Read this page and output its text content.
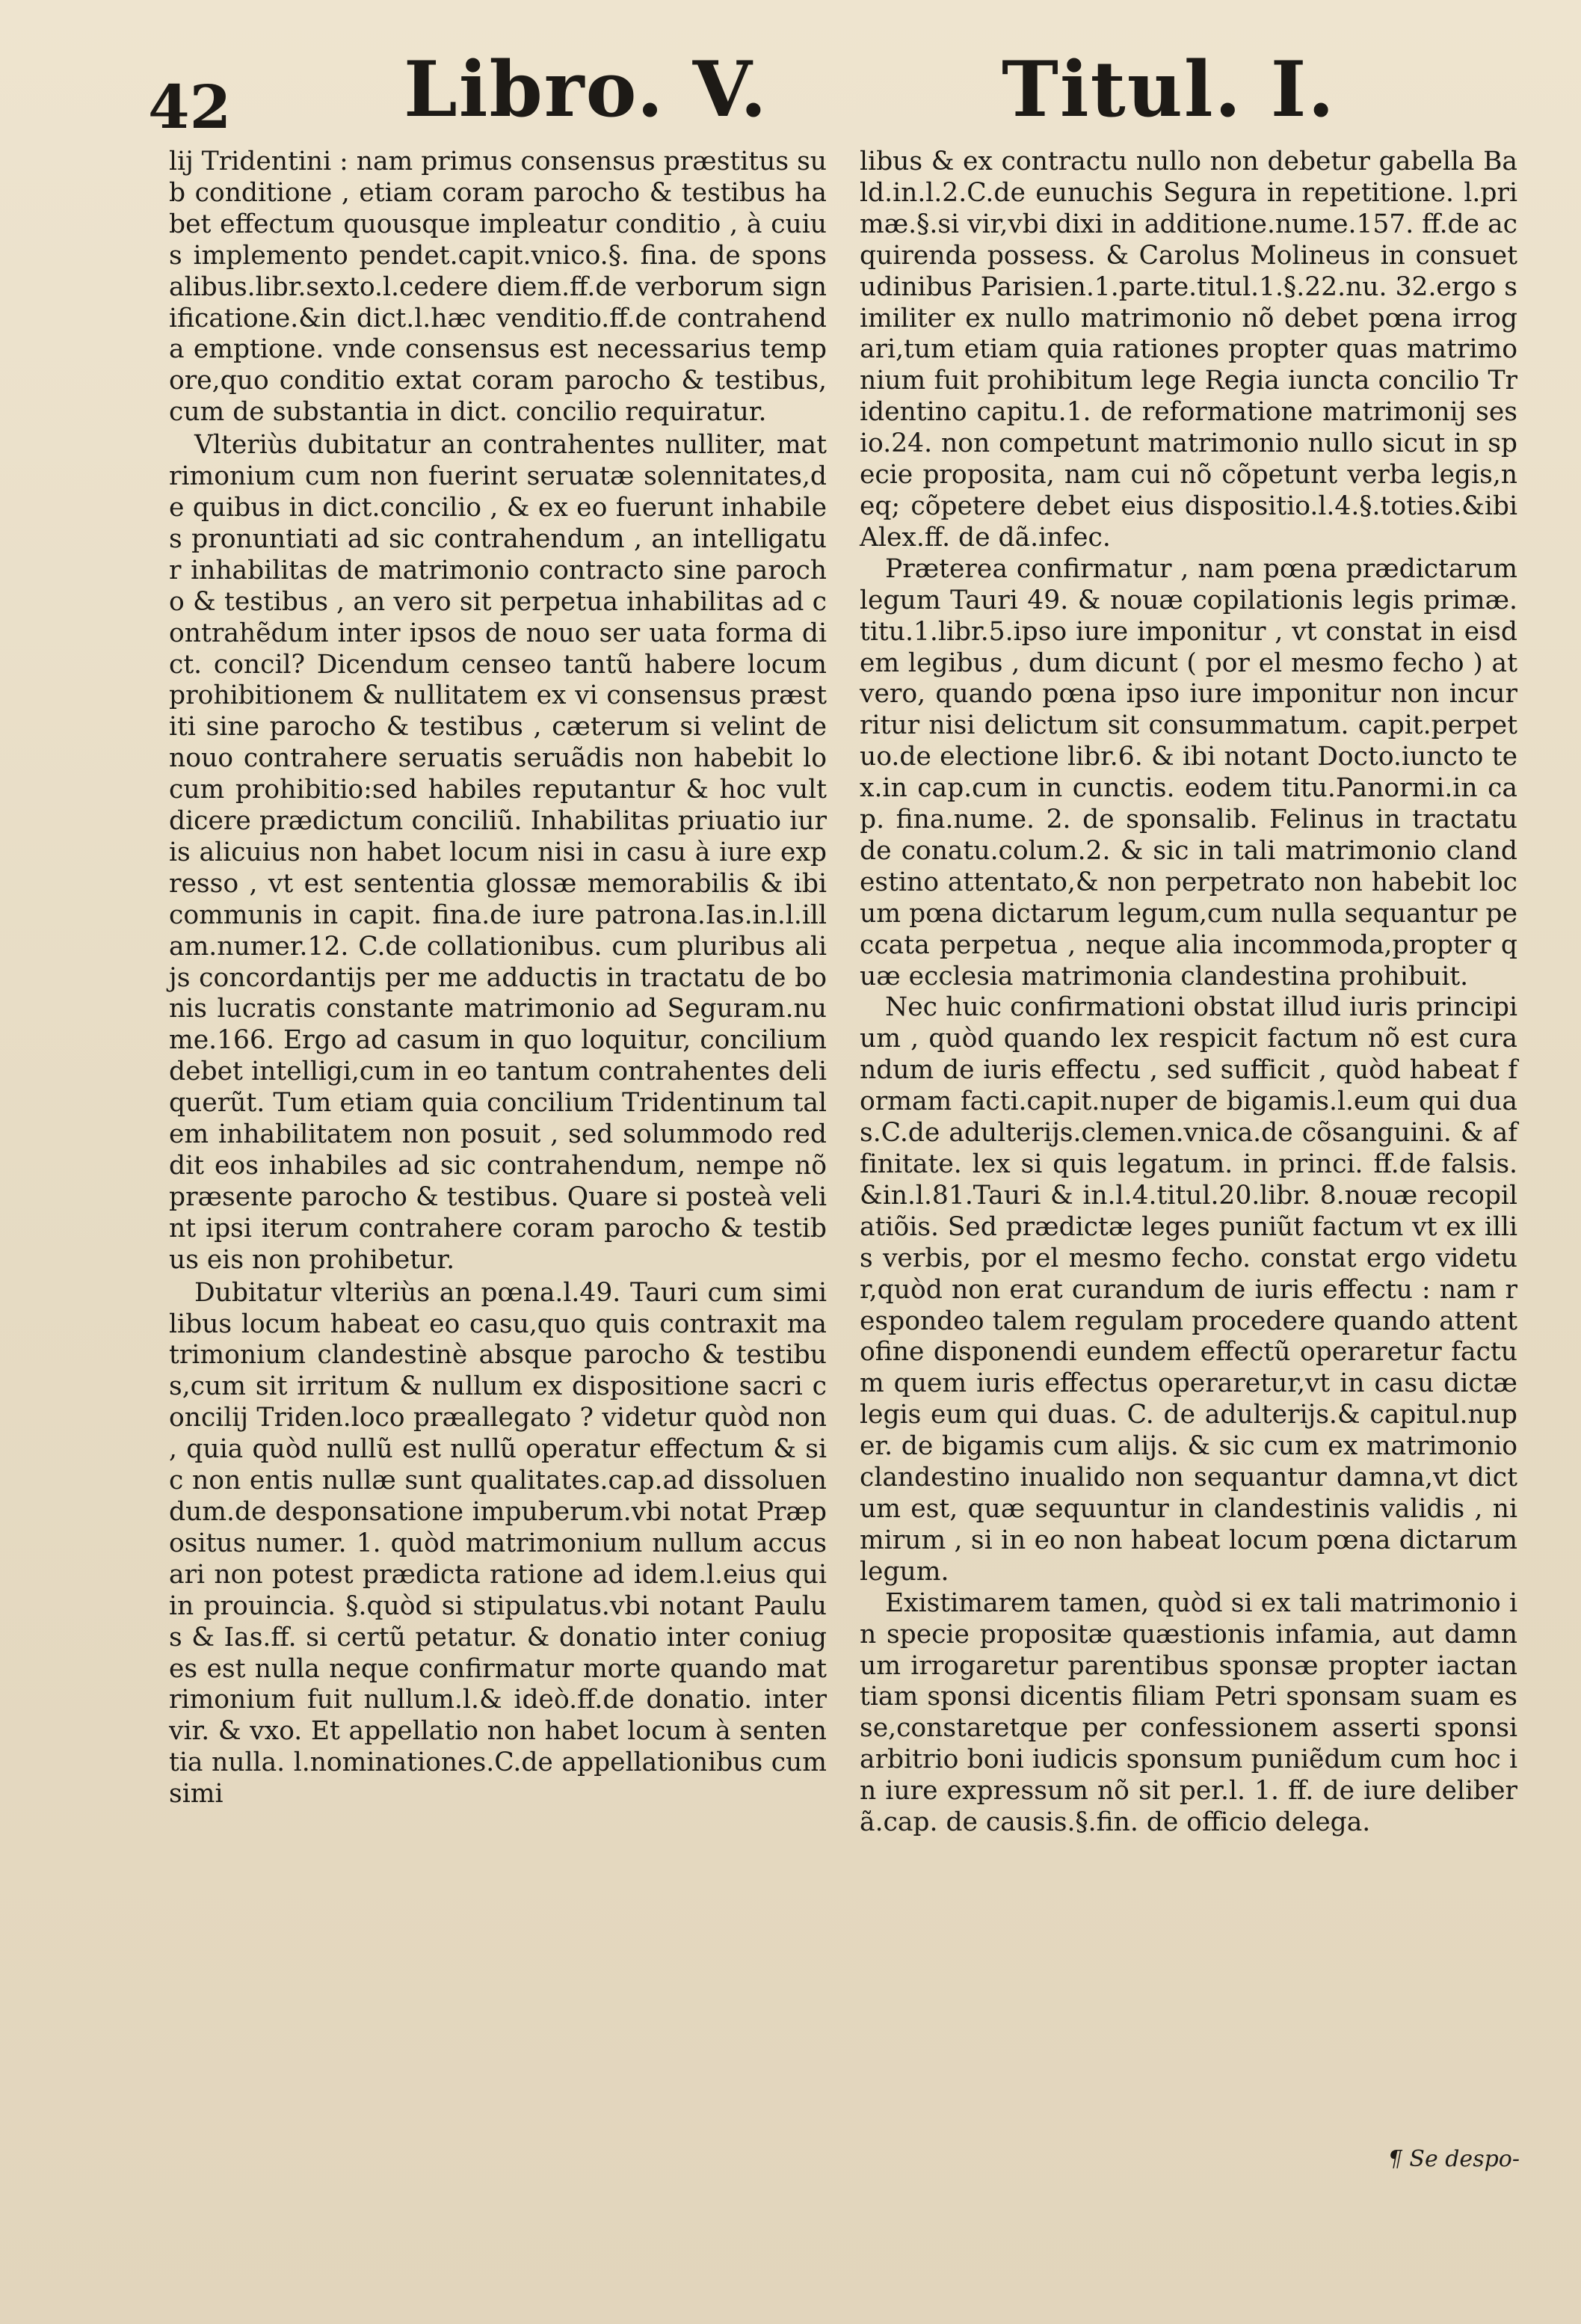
42 Libro. V.	Titul. I.

lij Tridentini : nam primus consensus præstitus sub conditione , etiam coram parocho & testibus habet effectum quousque impleatur conditio , à cuius implemento pendet.capit.vnico.§. fina. de sponsalibus.libr.sexto.l.cedere diem.ff.de verborum significatione.&in dict.l.hæc venditio.ff.de contrahenda emptione. vnde consensus est necessarius tempore,quo conditio extat coram parocho & testibus,cum de substantia in dict. concilio requiratur.

Vlteriùs dubitatur an contrahentes nulliter, matrimonium cum non fuerint seruatæ solennitates,de quibus in dict.concilio , & ex eo fuerunt inhabiles pronuntiati ad sic contrahendum , an intelligatur inhabilitas de matrimonio contracto sine parocho & testibus , an vero sit perpetua inhabilitas ad contrahẽdum inter ipsos de nouo ser uata forma dict. concil? Dicendum censeo tantũ habere locum prohibitionem & nullitatem ex vi consensus præstiti sine parocho & testibus , cæterum si velint de nouo contrahere seruatis seruãdis non habebit locum prohibitio:sed habiles reputantur & hoc vult dicere prædictum conciliũ. Inhabilitas priuatio iuris alicuius non habet locum nisi in casu à iure expresso , vt est sententia glossæ memorabilis & ibi communis in capit. fina.de iure patrona.Ias.in.l.illam.numer.12. C.de collationibus. cum pluribus alijs concordantijs per me adductis in tractatu de bonis lucratis constante matrimonio ad Seguram.nume.166. Ergo ad casum in quo loquitur, concilium debet intelligi,cum in eo tantum contrahentes deliquerũt. Tum etiam quia concilium Tridentinum talem inhabilitatem non posuit , sed solummodo reddit eos inhabiles ad sic contrahendum, nempe nõ præsente parocho & testibus. Quare si posteà velint ipsi iterum contrahere coram parocho & testibus eis non prohibetur.

Dubitatur vlteriùs an pœna.l.49. Tauri cum similibus locum habeat eo casu,quo quis contraxit matrimonium clandestinè absque parocho & testibus,cum sit irritum & nullum ex dispositione sacri concilij Triden.loco præallegato ? videtur quòd non , quia quòd nullũ est nullũ operatur effectum & sic non entis nullæ sunt qualitates.cap.ad dissoluendum.de desponsatione impuberum.vbi notat Præpositus numer. 1. quòd matrimonium nullum accusari non potest prædicta ratione ad idem.l.eius qui in prouincia. §.quòd si stipulatus.vbi notant Paulus & Ias.ff. si certũ petatur. & donatio inter coniuges est nulla neque confirmatur morte quando matrimonium fuit nullum.l.& ideò.ff.de donatio. inter vir. & vxo. Et appellatio non habet locum à sententia nulla. l.nominationes.C.de appellationibus cum simi

libus & ex contractu nullo non debetur gabella Bald.in.l.2.C.de eunuchis Segura in repetitione. l.primæ.§.si vir,vbi dixi in additione.nume.157. ff.de acquirenda possess. & Carolus Molineus in consuetudinibus Parisien.1.parte.titul.1.§.22.nu. 32.ergo similiter ex nullo matrimonio nõ debet pœna irrogari,tum etiam quia rationes propter quas matrimonium fuit prohibitum lege Regia iuncta concilio Tridentino capitu.1. de reformatione matrimonij sesio.24. non competunt matrimonio nullo sicut in specie proposita, nam cui nõ cõpetunt verba legis,neq; cõpetere debet eius dispositio.l.4.§.toties.&ibi Alex.ff. de dã.infec.

Præterea confirmatur , nam pœna prædictarum legum Tauri 49. & nouæ copilationis legis primæ.titu.1.libr.5.ipso iure imponitur , vt constat in eisdem legibus , dum dicunt ( por el mesmo fecho ) at vero, quando pœna ipso iure imponitur non incurritur nisi delictum sit consummatum. capit.perpetuo.de electione libr.6. & ibi notant Docto.iuncto tex.in cap.cum in cunctis. eodem titu.Panormi.in cap. fina.nume. 2. de sponsalib. Felinus in tractatu de conatu.colum.2. & sic in tali matrimonio clandestino attentato,& non perpetrato non habebit locum pœna dictarum legum,cum nulla sequantur peccata perpetua , neque alia incommoda,propter quæ ecclesia matrimonia clandestina prohibuit.

Nec huic confirmationi obstat illud iuris principium , quòd quando lex respicit factum nõ est curandum de iuris effectu , sed sufficit , quòd habeat formam facti.capit.nuper de bigamis.l.eum qui duas.C.de adulterijs.clemen.vnica.de cõsanguini. & affinitate. lex si quis legatum. in princi. ff.de falsis.&in.l.81.Tauri & in.l.4.titul.20.libr. 8.nouæ recopilatiõis. Sed prædictæ leges puniũt factum vt ex illis verbis, por el mesmo fecho. constat ergo videtur,quòd non erat curandum de iuris effectu : nam respondeo talem regulam procedere quando attentofine disponendi eundem effectũ operaretur factum quem iuris effectus operaretur,vt in casu dictæ legis eum qui duas. C. de adulterijs.& capitul.nuper. de bigamis cum alijs. & sic cum ex matrimonio clandestino inualido non sequantur damna,vt dictum est, quæ sequuntur in clandestinis validis , nimirum , si in eo non habeat locum pœna dictarum legum.

Existimarem tamen, quòd si ex tali matrimonio in specie propositæ quæstionis infamia, aut damnum irrogaretur parentibus sponsæ propter iactantiam sponsi dicentis filiam Petri sponsam suam esse,constaretque per confessionem asserti sponsi arbitrio boni iudicis sponsum puniẽdum cum hoc in iure expressum nõ sit per.l. 1. ff. de iure deliberã.cap. de causis.§.fin. de officio delega.

¶ Se despo-
